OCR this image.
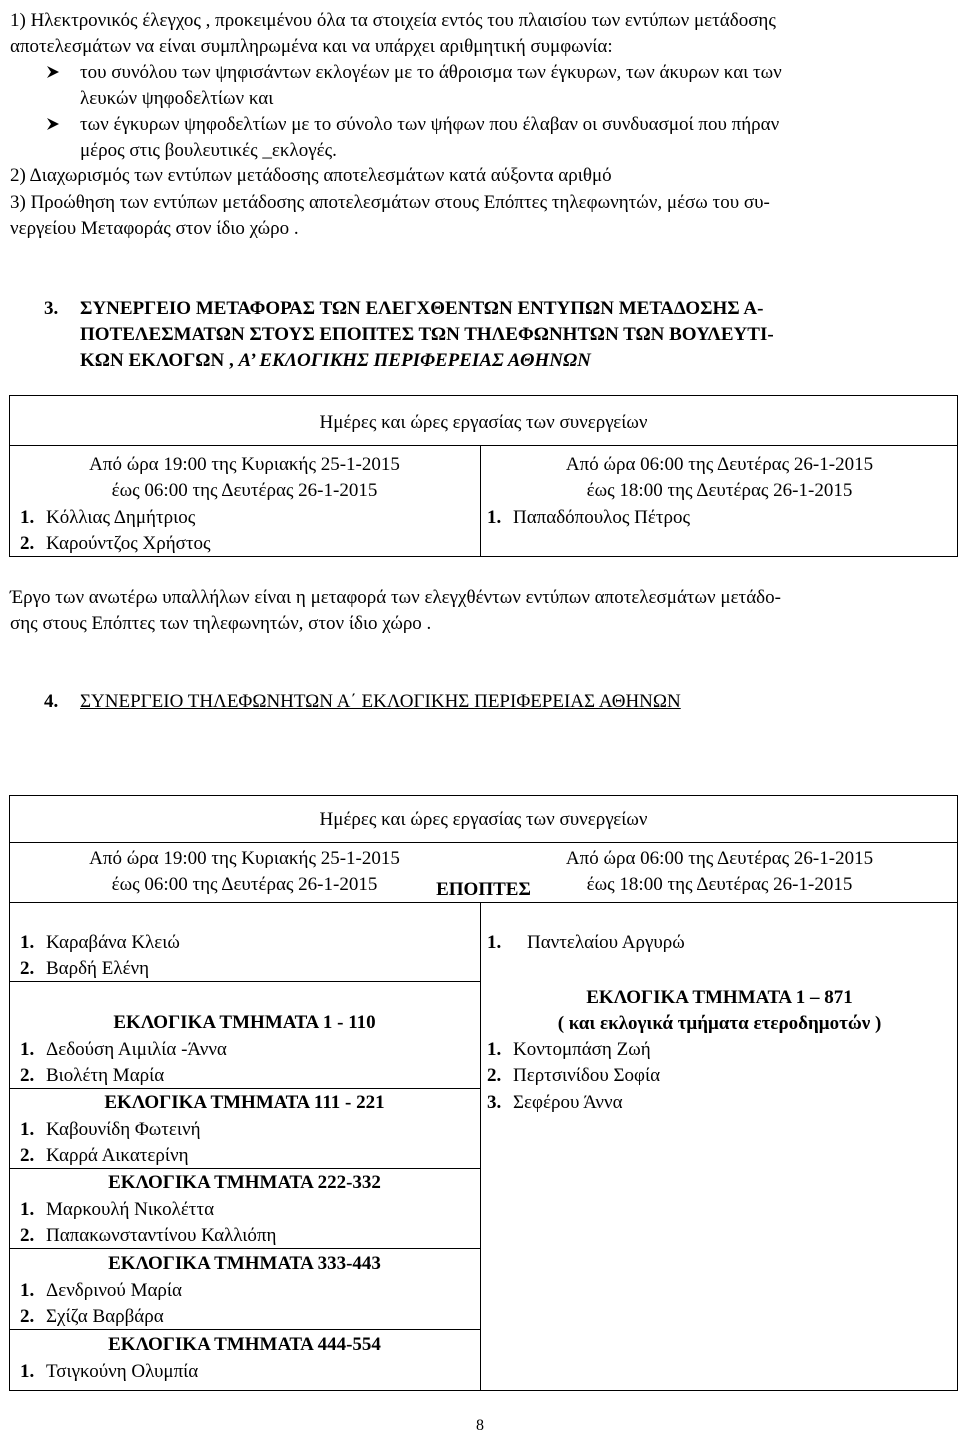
1) Ηλεκτρονικός έλεγχος , προκειμένου όλα τα στοιχεία εντός του πλαισίου των εντύπων μετάδοσης
αποτελεσμάτων να είναι συμπληρωμένα και να υπάρχει αριθμητική συμφωνία:
του συνόλου των ψηφισάντων εκλογέων με το άθροισμα των έγκυρων, των άκυρων και των
λευκών ψηφοδελτίων και
των έγκυρων ψηφοδελτίων με το σύνολο των ψήφων που έλαβαν οι συνδυασμοί που πήραν
μέρος στις βουλευτικές _εκλογές.
2) Διαχωρισμός των εντύπων μετάδοσης αποτελεσμάτων κατά αύξοντα αριθμό
3) Προώθηση των εντύπων μετάδοσης αποτελεσμάτων στους Επόπτες τηλεφωνητών, μέσω του συ-
νεργείου Μεταφοράς στον ίδιο χώρο .
3. ΣΥΝΕΡΓΕΙΟ ΜΕΤΑΦΟΡΑΣ ΤΩΝ ΕΛΕΓΧΘΕΝΤΩΝ ΕΝΤΥΠΩΝ ΜΕΤΑΔΟΣΗΣ Α-
ΠΟΤΕΛΕΣΜΑΤΩΝ ΣΤΟΥΣ ΕΠΟΠΤΕΣ ΤΩΝ ΤΗΛΕΦΩΝΗΤΩΝ ΤΩΝ ΒΟΥΛΕΥΤΙ-
ΚΩΝ ΕΚΛΟΓΩΝ , Α’ ΕΚΛΟΓΙΚΗΣ ΠΕΡΙΦΕΡΕΙΑΣ ΑΘΗΝΩΝ
Ημέρες και ώρες εργασίας των συνεργείων
Από ώρα 19:00 της Κυριακής 25-1-2015
έως 06:00 της Δευτέρας 26-1-2015
Από ώρα 06:00 της Δευτέρας 26-1-2015
έως 18:00 της Δευτέρας 26-1-2015
1. Κόλλιας Δημήτριος
2. Καρούντζος Χρήστος
1. Παπαδόπουλος Πέτρος
Έργο των ανωτέρω υπαλλήλων είναι η μεταφορά των ελεγχθέντων εντύπων αποτελεσμάτων μετάδο-
σης στους Επόπτες των τηλεφωνητών, στον ίδιο χώρο .
4. ΣΥΝΕΡΓΕΙΟ ΤΗΛΕΦΩΝΗΤΩΝ Α΄ ΕΚΛΟΓΙΚΗΣ ΠΕΡΙΦΕΡΕΙΑΣ ΑΘΗΝΩΝ
Ημέρες και ώρες εργασίας των συνεργείων
Από ώρα 19:00 της Κυριακής 25-1-2015
έως 06:00 της Δευτέρας 26-1-2015
Από ώρα 06:00 της Δευτέρας 26-1-2015
έως 18:00 της Δευτέρας 26-1-2015
ΕΠΟΠΤΕΣ
1. Καραβάνα Κλειώ
2. Βαρδή Ελένη
1. Παντελαίου Αργυρώ
ΕΚΛΟΓΙΚΑ ΤΜΗΜΑΤΑ 1 - 110
1. Δεδούση Αιμιλία -Άννα
2. Βιολέτη Μαρία
ΕΚΛΟΓΙΚΑ ΤΜΗΜΑΤΑ 111 - 221
1. Καβουνίδη Φωτεινή
2. Καρρά Αικατερίνη
ΕΚΛΟΓΙΚΑ ΤΜΗΜΑΤΑ 222-332
1. Μαρκουλή Νικολέττα
2. Παπακωνσταντίνου Καλλιόπη
ΕΚΛΟΓΙΚΑ ΤΜΗΜΑΤΑ 333-443
1. Δενδρινού Μαρία
2. Σχίζα Βαρβάρα
ΕΚΛΟΓΙΚΑ ΤΜΗΜΑΤΑ 444-554
1. Τσιγκούνη Ολυμπία
ΕΚΛΟΓΙΚΑ ΤΜΗΜΑΤΑ 1 – 871
( και εκλογικά τμήματα ετεροδημοτών )
1. Κοντομπάση Ζωή
2. Περτσινίδου Σοφία
3. Σεφέρου Άννα
8
